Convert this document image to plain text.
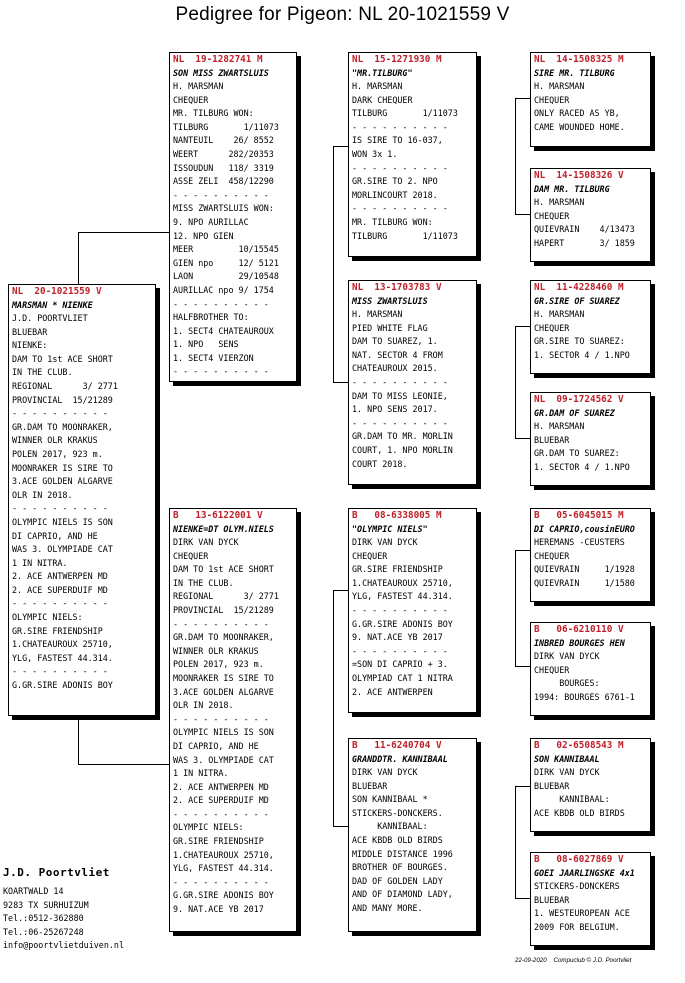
Pedigree for Pigeon: NL 20-1021559 V
NL  20-1021559 V
MARSMAN * NIENKE
J.D. POORTVLIET
BLUEBAR
NIENKE:
DAM TO 1st ACE SHORT
IN THE CLUB.
REGIONAL      3/ 2771
PROVINCIAL  15/21289
- - - - - - - - - -
GR.DAM TO MOONRAKER,
WINNER OLR KRAKUS
POLEN 2017, 923 m.
MOONRAKER IS SIRE TO
3.ACE GOLDEN ALGARVE
OLR IN 2018.
- - - - - - - - - -
OLYMPIC NIELS IS SON
DI CAPRIO, AND HE
WAS 3. OLYMPIADE CAT
1 IN NITRA.
2. ACE ANTWERPEN MD
2. ACE SUPERDUIF MD
- - - - - - - - - -
OLYMPIC NIELS:
GR.SIRE FRIENDSHIP
1.CHATEAUROUX 25710,
YLG, FASTEST 44.314.
- - - - - - - - - -
G.GR.SIRE ADONIS BOY
NL  19-1282741 M
SON MISS ZWARTSLUIS
H. MARSMAN
CHEQUER
MR. TILBURG WON:
TILBURG       1/11073
NANTEUIL    26/ 8552
WEERT      282/20353
ISSOUDUN   118/ 3319
ASSE ZELI  458/12290
- - - - - - - - - -
MISS ZWARTSLUIS WON:
9. NPO AURILLAC
12. NPO GIEN
MEER         10/15545
GIEN npo     12/ 5121
LAON         29/10548
AURILLAC npo 9/ 1754
- - - - - - - - - -
HALFBROTHER TO:
1. SECT4 CHATEAUROUX
1. NPO   SENS
1. SECT4 VIERZON
- - - - - - - - - -
B   13-6122001 V
NIENKE=DT OLYM.NIELS
DIRK VAN DYCK
CHEQUER
DAM TO 1st ACE SHORT
IN THE CLUB.
REGIONAL      3/ 2771
PROVINCIAL  15/21289
- - - - - - - - - -
GR.DAM TO MOONRAKER,
WINNER OLR KRAKUS
POLEN 2017, 923 m.
MOONRAKER IS SIRE TO
3.ACE GOLDEN ALGARVE
OLR IN 2018.
- - - - - - - - - -
OLYMPIC NIELS IS SON
DI CAPRIO, AND HE
WAS 3. OLYMPIADE CAT
1 IN NITRA.
2. ACE ANTWERPEN MD
2. ACE SUPERDUIF MD
- - - - - - - - - -
OLYMPIC NIELS:
GR.SIRE FRIENDSHIP
1.CHATEAUROUX 25710,
YLG, FASTEST 44.314.
- - - - - - - - - -
G.GR.SIRE ADONIS BOY
9. NAT.ACE YB 2017
NL  15-1271930 M
"MR.TILBURG"
H. MARSMAN
DARK CHEQUER
TILBURG       1/11073
- - - - - - - - - -
IS SIRE TO 16-037,
WON 3x 1.
- - - - - - - - - -
GR.SIRE TO 2. NPO
MORLINCOURT 2018.
- - - - - - - - - -
MR. TILBURG WON:
TILBURG       1/11073
NL  13-1703783 V
MISS ZWARTSLUIS
H. MARSMAN
PIED WHITE FLAG
DAM TO SUAREZ, 1.
NAT. SECTOR 4 FROM
CHATEAUROUX 2015.
- - - - - - - - - -
DAM TO MISS LEONIE,
1. NPO SENS 2017.
- - - - - - - - - -
GR.DAM TO MR. MORLIN
COURT, 1. NPO MORLIN
COURT 2018.
B   08-6338005 M
"OLYMPIC NIELS"
DIRK VAN DYCK
CHEQUER
GR.SIRE FRIENDSHIP
1.CHATEAUROUX 25710,
YLG, FASTEST 44.314.
- - - - - - - - - -
G.GR.SIRE ADONIS BOY
9. NAT.ACE YB 2017
- - - - - - - - - -
=SON DI CAPRIO + 3.
OLYMPIAD CAT 1 NITRA
2. ACE ANTWERPEN
B   11-6240704 V
GRANDDTR. KANNIBAAL
DIRK VAN DYCK
BLUEBAR
SON KANNIBAAL *
STICKERS-DONCKERS.
KANNIBAAL:
ACE KBDB OLD BIRDS
MIDDLE DISTANCE 1996
BROTHER OF BOURGES.
DAD OF GOLDEN LADY
AND OF DIAMOND LADY,
AND MANY MORE.
NL  14-1508325 M
SIRE MR. TILBURG
H. MARSMAN
CHEQUER
ONLY RACED AS YB,
CAME WOUNDED HOME.
NL  14-1508326 V
DAM MR. TILBURG
H. MARSMAN
CHEQUER
QUIEVRAIN    4/13473
HAPERT       3/ 1859
NL  11-4228460 M
GR.SIRE OF SUAREZ
H. MARSMAN
CHEQUER
GR.SIRE TO SUAREZ:
1. SECTOR 4 / 1.NPO
NL  09-1724562 V
GR.DAM OF SUAREZ
H. MARSMAN
BLUEBAR
GR.DAM TO SUAREZ:
1. SECTOR 4 / 1.NPO
B   05-6045015 M
DI CAPRIO,cousinEURO
HEREMANS -CEUSTERS
CHEQUER
QUIEVRAIN     1/1928
QUIEVRAIN     1/1580
B   06-6210110 V
INBRED BOURGES HEN
DIRK VAN DYCK
CHEQUER
BOURGES:
1994: BOURGES 6761-1
B   02-6508543 M
SON KANNIBAAL
DIRK VAN DYCK
BLUEBAR
KANNIBAAL:
ACE KBDB OLD BIRDS
B   08-6027869 V
GOEI JAARLINGSKE 4x1
STICKERS-DONCKERS
BLUEBAR
1. WESTEUROPEAN ACE
2009 FOR BELGIUM.
J.D. Poortvliet
KOARTWALD 14
9283 TX SURHUIZUM
Tel.:0512-362880
Tel.:06-25267248
info@poortvlietduiven.nl
22-09-2020    Compuclub © J.D. Poortvliet
